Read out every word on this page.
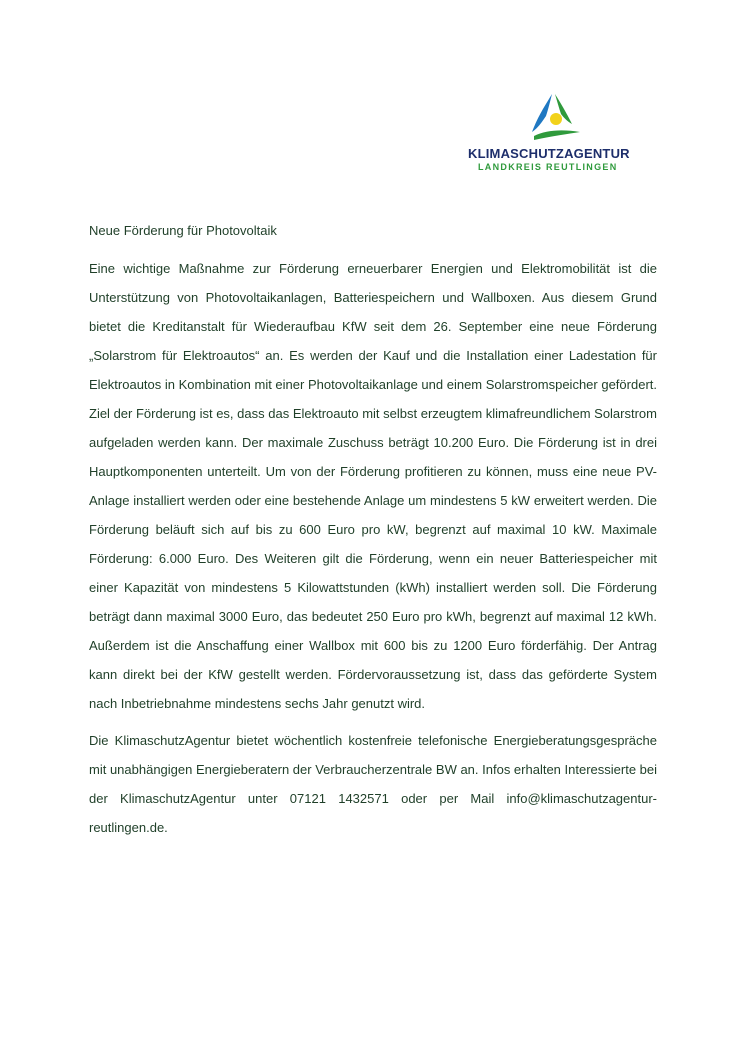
KLIMASCHUTZAGENTUR
LANDKREIS REUTLINGEN
Neue Förderung für Photovoltaik

Eine wichtige Maßnahme zur Förderung erneuerbarer Energien und Elektromobilität ist die Unterstützung von Photovoltaikanlagen, Batteriespeichern und Wallboxen. Aus diesem Grund bietet die Kreditanstalt für Wiederaufbau KfW seit dem 26. September eine neue Förderung „Solarstrom für Elektroautos“ an. Es werden der Kauf und die Installation einer Ladestation für Elektroautos in Kombination mit einer Photovoltaikanlage und einem Solarstromspeicher gefördert. Ziel der Förderung ist es, dass das Elektroauto mit selbst erzeugtem klimafreundlichem Solarstrom aufgeladen werden kann. Der maximale Zuschuss beträgt 10.200 Euro. Die Förderung ist in drei Hauptkomponenten unterteilt. Um von der Förderung profitieren zu können, muss eine neue PV-Anlage installiert werden oder eine bestehende Anlage um mindestens 5 kW erweitert werden. Die Förderung beläuft sich auf bis zu 600 Euro pro kW, begrenzt auf maximal 10 kW. Maximale Förderung: 6.000 Euro. Des Weiteren gilt die Förderung, wenn ein neuer Batteriespeicher mit einer Kapazität von mindestens 5 Kilowattstunden (kWh) installiert werden soll. Die Förderung beträgt dann maximal 3000 Euro, das bedeutet 250 Euro pro kWh, begrenzt auf maximal 12 kWh. Außerdem ist die Anschaffung einer Wallbox mit 600 bis zu 1200 Euro förderfähig. Der Antrag kann direkt bei der KfW gestellt werden. Fördervoraussetzung ist, dass das geförderte System nach Inbetriebnahme mindestens sechs Jahr genutzt wird.

Die KlimaschutzAgentur bietet wöchentlich kostenfreie telefonische Energieberatungsgespräche mit unabhängigen Energieberatern der Verbraucherzentrale BW an. Infos erhalten Interessierte bei der KlimaschutzAgentur unter 07121 1432571 oder per Mail info@klimaschutzagentur-reutlingen.de.
